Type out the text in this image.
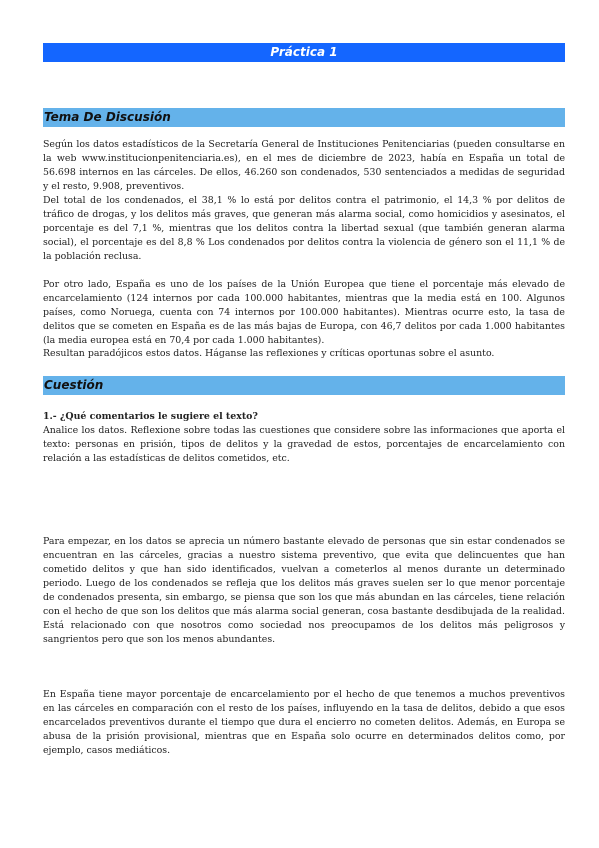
Práctica 1
Tema De Discusión

Según los datos estadísticos de la Secretaría General de Instituciones Penitenciarias (pueden consultarse en la web www.institucionpenitenciaria.es), en el mes de diciembre de 2023, había en España un total de 56.698 internos en las cárceles. De ellos, 46.260 son condenados, 530 sentenciados a medidas de seguridad y el resto, 9.908, preventivos.

Del total de los condenados, el 38,1 % lo está por delitos contra el patrimonio, el 14,3 % por delitos de tráfico de drogas, y los delitos más graves, que generan más alarma social, como homicidios y asesinatos, el porcentaje es del 7,1 %, mientras que los delitos contra la libertad sexual (que también generan alarma social), el porcentaje es del 8,8 % Los condenados por delitos contra la violencia de género son el 11,1 % de la población reclusa.

Por otro lado, España es uno de los países de la Unión Europea que tiene el porcentaje más elevado de encarcelamiento (124 internos por cada 100.000 habitantes, mientras que la media está en 100. Algunos países, como Noruega, cuenta con 74 internos por 100.000 habitantes). Mientras ocurre esto, la tasa de delitos que se cometen en España es de las más bajas de Europa, con 46,7 delitos por cada 1.000 habitantes (la media europea está en 70,4 por cada 1.000 habitantes).

Resultan paradójicos estos datos. Háganse las reflexiones y críticas oportunas sobre el asunto.

Cuestión

1.- ¿Qué comentarios le sugiere el texto?

Analice los datos. Reflexione sobre todas las cuestiones que considere sobre las informaciones que aporta el texto: personas en prisión, tipos de delitos y la gravedad de estos, porcentajes de encarcelamiento con relación a las estadísticas de delitos cometidos, etc.

Para empezar, en los datos se aprecia un número bastante elevado de personas que sin estar condenados se encuentran en las cárceles, gracias a nuestro sistema preventivo, que evita que delincuentes que han cometido delitos y que han sido identificados, vuelvan a cometerlos al menos durante un determinado periodo. Luego de los condenados se refleja que los delitos más graves suelen ser lo que menor porcentaje de condenados presenta, sin embargo, se piensa que son los que más abundan en las cárceles, tiene relación con el hecho de que son los delitos que más alarma social generan, cosa bastante desdibujada de la realidad. Está relacionado con que nosotros como sociedad nos preocupamos de los delitos más peligrosos y sangrientos pero que son los menos abundantes.

En España tiene mayor porcentaje de encarcelamiento por el hecho de que tenemos a muchos preventivos en las cárceles en comparación con el resto de los países, influyendo en la tasa de delitos, debido a que esos encarcelados preventivos durante el tiempo que dura el encierro no cometen delitos. Además, en Europa se abusa de la prisión provisional, mientras que en España solo ocurre en determinados delitos como, por ejemplo, casos mediáticos.
